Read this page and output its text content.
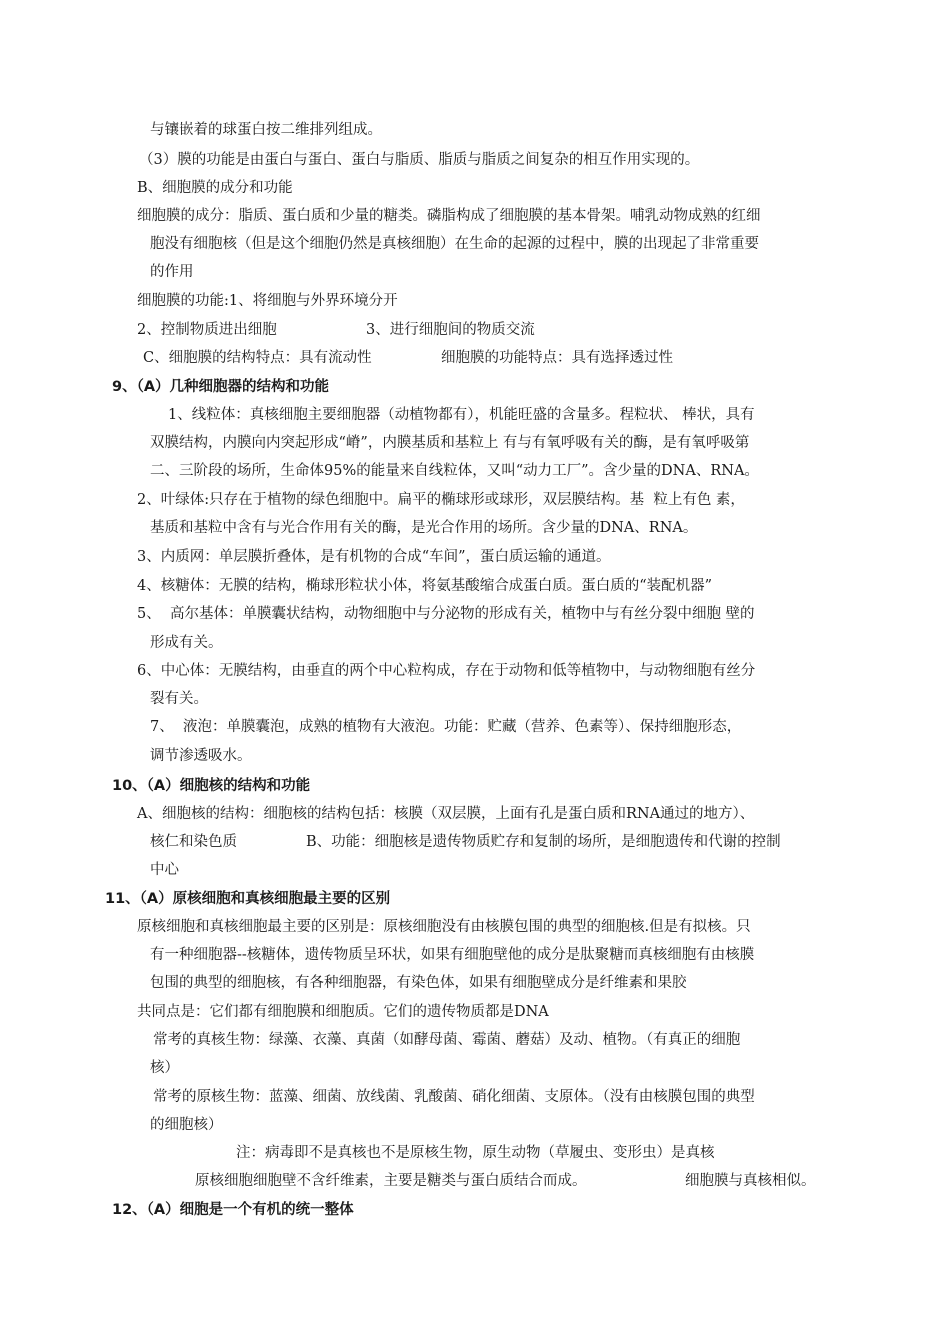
与镶嵌着的球蛋白按二维排列组成。

（3）膜的功能是由蛋白与蛋白、蛋白与脂质、脂质与脂质之间复杂的相互作用实现的。

B、细胞膜的成分和功能

细胞膜的成分：脂质、蛋白质和少量的糖类。磷脂构成了细胞膜的基本骨架。哺乳动物成熟的红细

胞没有细胞核（但是这个细胞仍然是真核细胞）在生命的起源的过程中，膜的出现起了非常重要

的作用

细胞膜的功能:1、将细胞与外界环境分开

2、控制物质进出细胞	3、进行细胞间的物质交流

C、细胞膜的结构特点：具有流动性	细胞膜的功能特点：具有选择透过性

9、（A）几种细胞器的结构和功能

1、线粒体：真核细胞主要细胞器（动植物都有），机能旺盛的含量多。程粒状、 棒状，具有

双膜结构，内膜向内突起形成“嵴”，内膜基质和基粒上 有与有氧呼吸有关的酶，是有氧呼吸第

二、三阶段的场所，生命体95%的能量来自线粒体，又叫“动力工厂”。含少量的DNA、RNA。

2、叶绿体:只存在于植物的绿色细胞中。扁平的椭球形或球形，双层膜结构。基  粒上有色 素，

基质和基粒中含有与光合作用有关的酶，是光合作用的场所。含少量的DNA、RNA。

3、内质网：单层膜折叠体，是有机物的合成“车间”，蛋白质运输的通道。

4、核糖体：无膜的结构，椭球形粒状小体，将氨基酸缩合成蛋白质。蛋白质的“装配机器”

5、  高尔基体：单膜囊状结构，动物细胞中与分泌物的形成有关，植物中与有丝分裂中细胞 壁的

形成有关。

6、中心体：无膜结构，由垂直的两个中心粒构成，存在于动物和低等植物中，与动物细胞有丝分

裂有关。

7、  液泡：单膜囊泡，成熟的植物有大液泡。功能：贮藏（营养、色素等）、保持细胞形态，

调节渗透吸水。

10、（A）细胞核的结构和功能

A、细胞核的结构：细胞核的结构包括：核膜（双层膜，上面有孔是蛋白质和RNA通过的地方）、

核仁和染色质	B、功能：细胞核是遗传物质贮存和复制的场所，是细胞遗传和代谢的控制

中心

11、（A）原核细胞和真核细胞最主要的区别

原核细胞和真核细胞最主要的区别是：原核细胞没有由核膜包围的典型的细胞核.但是有拟核。只

有一种细胞器--核糖体，遗传物质呈环状，如果有细胞壁他的成分是肽聚糖而真核细胞有由核膜

包围的典型的细胞核，有各种细胞器，有染色体，如果有细胞壁成分是纤维素和果胶

共同点是：它们都有细胞膜和细胞质。它们的遗传物质都是DNA

常考的真核生物：绿藻、衣藻、真菌（如酵母菌、霉菌、蘑菇）及动、植物。（有真正的细胞

核）

常考的原核生物：蓝藻、细菌、放线菌、乳酸菌、硝化细菌、支原体。（没有由核膜包围的典型

的细胞核）

注：病毒即不是真核也不是原核生物，原生动物（草履虫、变形虫）是真核

原核细胞细胞壁不含纤维素，主要是糖类与蛋白质结合而成。	细胞膜与真核相似。

12、（A）细胞是一个有机的统一整体
